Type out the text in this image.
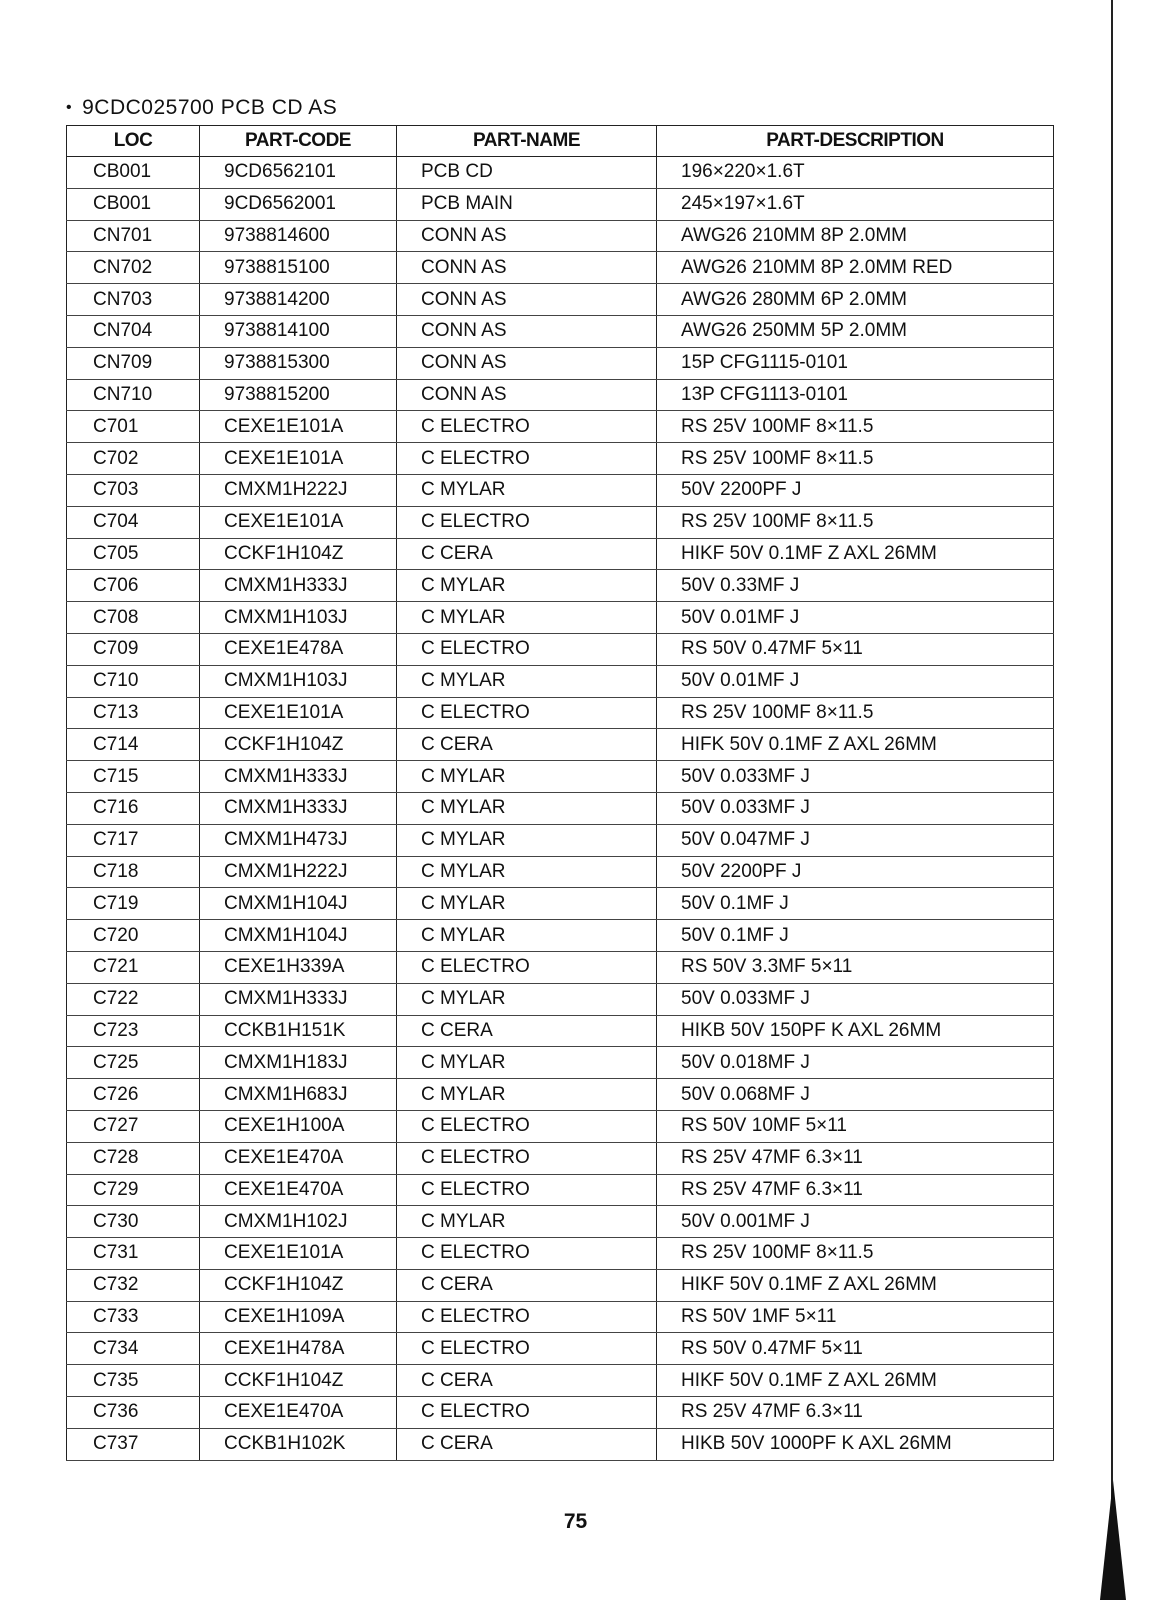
• 9CDC025700 PCB CD AS
LOC	PART-CODE	PART-NAME	PART-DESCRIPTION
CB001	9CD6562101	PCB CD	196×220×1.6T
CB001	9CD6562001	PCB MAIN	245×197×1.6T
CN701	9738814600	CONN AS	AWG26 210MM 8P 2.0MM
CN702	9738815100	CONN AS	AWG26 210MM 8P 2.0MM RED
CN703	9738814200	CONN AS	AWG26 280MM 6P 2.0MM
CN704	9738814100	CONN AS	AWG26 250MM 5P 2.0MM
CN709	9738815300	CONN AS	15P CFG1115-0101
CN710	9738815200	CONN AS	13P CFG1113-0101
C701	CEXE1E101A	C ELECTRO	RS 25V 100MF 8×11.5
C702	CEXE1E101A	C ELECTRO	RS 25V 100MF 8×11.5
C703	CMXM1H222J	C MYLAR	50V 2200PF J
C704	CEXE1E101A	C ELECTRO	RS 25V 100MF 8×11.5
C705	CCKF1H104Z	C CERA	HIKF 50V 0.1MF Z AXL 26MM
C706	CMXM1H333J	C MYLAR	50V 0.33MF J
C708	CMXM1H103J	C MYLAR	50V 0.01MF J
C709	CEXE1E478A	C ELECTRO	RS 50V 0.47MF 5×11
C710	CMXM1H103J	C MYLAR	50V 0.01MF J
C713	CEXE1E101A	C ELECTRO	RS 25V 100MF 8×11.5
C714	CCKF1H104Z	C CERA	HIFK 50V 0.1MF Z AXL 26MM
C715	CMXM1H333J	C MYLAR	50V 0.033MF J
C716	CMXM1H333J	C MYLAR	50V 0.033MF J
C717	CMXM1H473J	C MYLAR	50V 0.047MF J
C718	CMXM1H222J	C MYLAR	50V 2200PF J
C719	CMXM1H104J	C MYLAR	50V 0.1MF J
C720	CMXM1H104J	C MYLAR	50V 0.1MF J
C721	CEXE1H339A	C ELECTRO	RS 50V 3.3MF 5×11
C722	CMXM1H333J	C MYLAR	50V 0.033MF J
C723	CCKB1H151K	C CERA	HIKB 50V 150PF K AXL 26MM
C725	CMXM1H183J	C MYLAR	50V 0.018MF J
C726	CMXM1H683J	C MYLAR	50V 0.068MF J
C727	CEXE1H100A	C ELECTRO	RS 50V 10MF 5×11
C728	CEXE1E470A	C ELECTRO	RS 25V 47MF 6.3×11
C729	CEXE1E470A	C ELECTRO	RS 25V 47MF 6.3×11
C730	CMXM1H102J	C MYLAR	50V 0.001MF J
C731	CEXE1E101A	C ELECTRO	RS 25V 100MF 8×11.5
C732	CCKF1H104Z	C CERA	HIKF 50V 0.1MF Z AXL 26MM
C733	CEXE1H109A	C ELECTRO	RS 50V 1MF 5×11
C734	CEXE1H478A	C ELECTRO	RS 50V 0.47MF 5×11
C735	CCKF1H104Z	C CERA	HIKF 50V 0.1MF Z AXL 26MM
C736	CEXE1E470A	C ELECTRO	RS 25V 47MF 6.3×11
C737	CCKB1H102K	C CERA	HIKB 50V 1000PF K AXL 26MM
75
